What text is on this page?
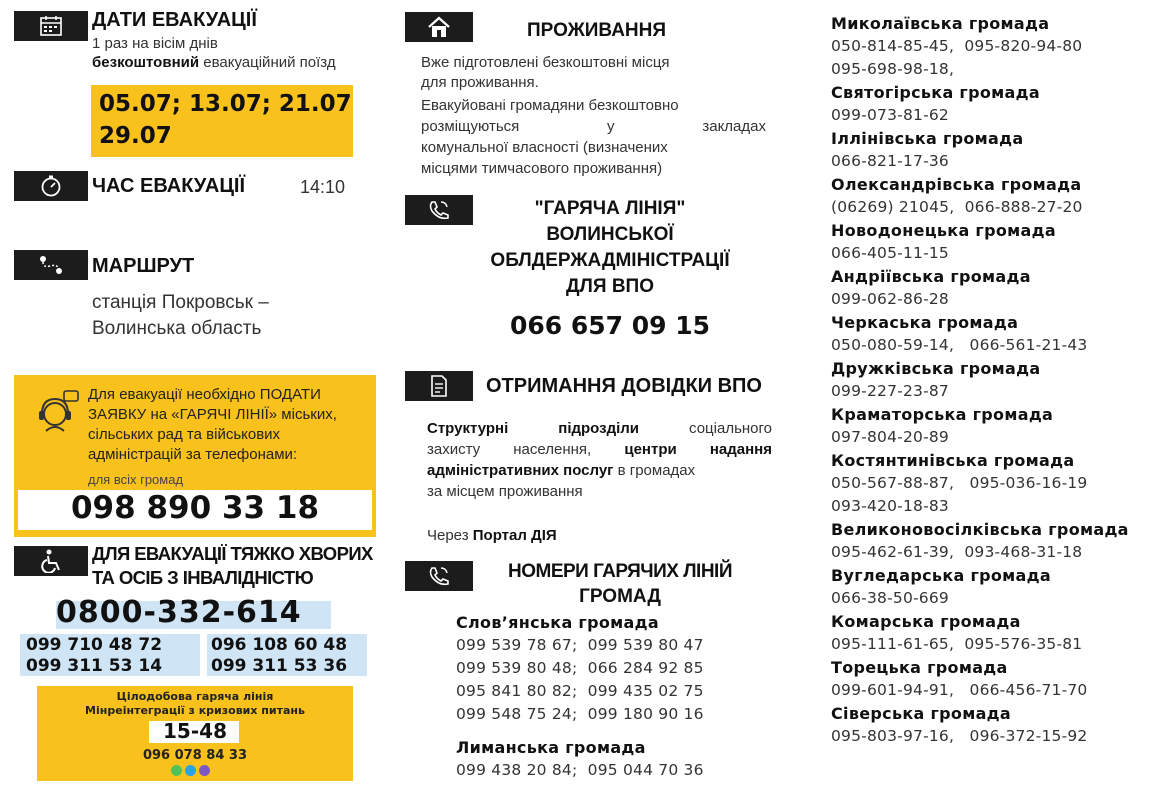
ДАТИ ЕВАКУАЦІЇ
1 раз на вісім днів
безкоштовний евакуаційний поїзд
05.07; 13.07; 21.07
29.07
ЧАС ЕВАКУАЦІЇ	14:10
МАРШРУТ
станція Покровськ –
Волинська область
Для евакуації необхідно ПОДАТИ
ЗАЯВКУ на «ГАРЯЧІ ЛІНІЇ» міських,
сільських рад та військових
адміністрацій за телефонами:
для всіх громад
098 890 33 18
ДЛЯ ЕВАКУАЦІЇ ТЯЖКО ХВОРИХ
ТА ОСІБ З ІНВАЛІДНІСТЮ
0800-332-614
099 710 48 72
099 311 53 14
096 108 60 48
099 311 53 36
Цілодобова гаряча лінія
Мінреінтеграції з кризових питань
15-48
096 078 84 33
ПРОЖИВАННЯ
Вже підготовлені безкоштовні місця
для проживання.
Евакуйовані громадяни безкоштовно
розміщуються у закладах
комунальної власності (визначених
місцями тимчасового проживання)
"ГАРЯЧА ЛІНІЯ"
ВОЛИНСЬКОЇ
ОБЛДЕРЖАДМІНІСТРАЦІЇ
ДЛЯ ВПО
066 657 09 15
ОТРИМАННЯ ДОВІДКИ ВПО
Структурні підрозділи соціального
захисту населення, центри надання
адміністративних послуг в громадах
за місцем проживання
Через Портал ДІЯ
НОМЕРИ ГАРЯЧИХ ЛІНІЙ
ГРОМАД
Слов’янська громада
099 539 78 67;  099 539 80 47
099 539 80 48;  066 284 92 85
095 841 80 82;  099 435 02 75
099 548 75 24;  099 180 90 16
Лиманська громада
099 438 20 84;  095 044 70 36
Миколаївська громада
050-814-85-45,  095-820-94-80
095-698-98-18,
Святогірська громада
099-073-81-62
Іллінівська громада
066-821-17-36
Олександрівська громада
(06269) 21045,  066-888-27-20
Новодонецька громада
066-405-11-15
Андріївська громада
099-062-86-28
Черкаська громада
050-080-59-14,   066-561-21-43
Дружківська громада
099-227-23-87
Краматорська громада
097-804-20-89
Костянтинівська громада
050-567-88-87,   095-036-16-19
093-420-18-83
Великоновосілківська громада
095-462-61-39,  093-468-31-18
Вугледарська громада
066-38-50-669
Комарська громада
095-111-61-65,  095-576-35-81
Торецька громада
099-601-94-91,   066-456-71-70
Сіверська громада
095-803-97-16,   096-372-15-92
